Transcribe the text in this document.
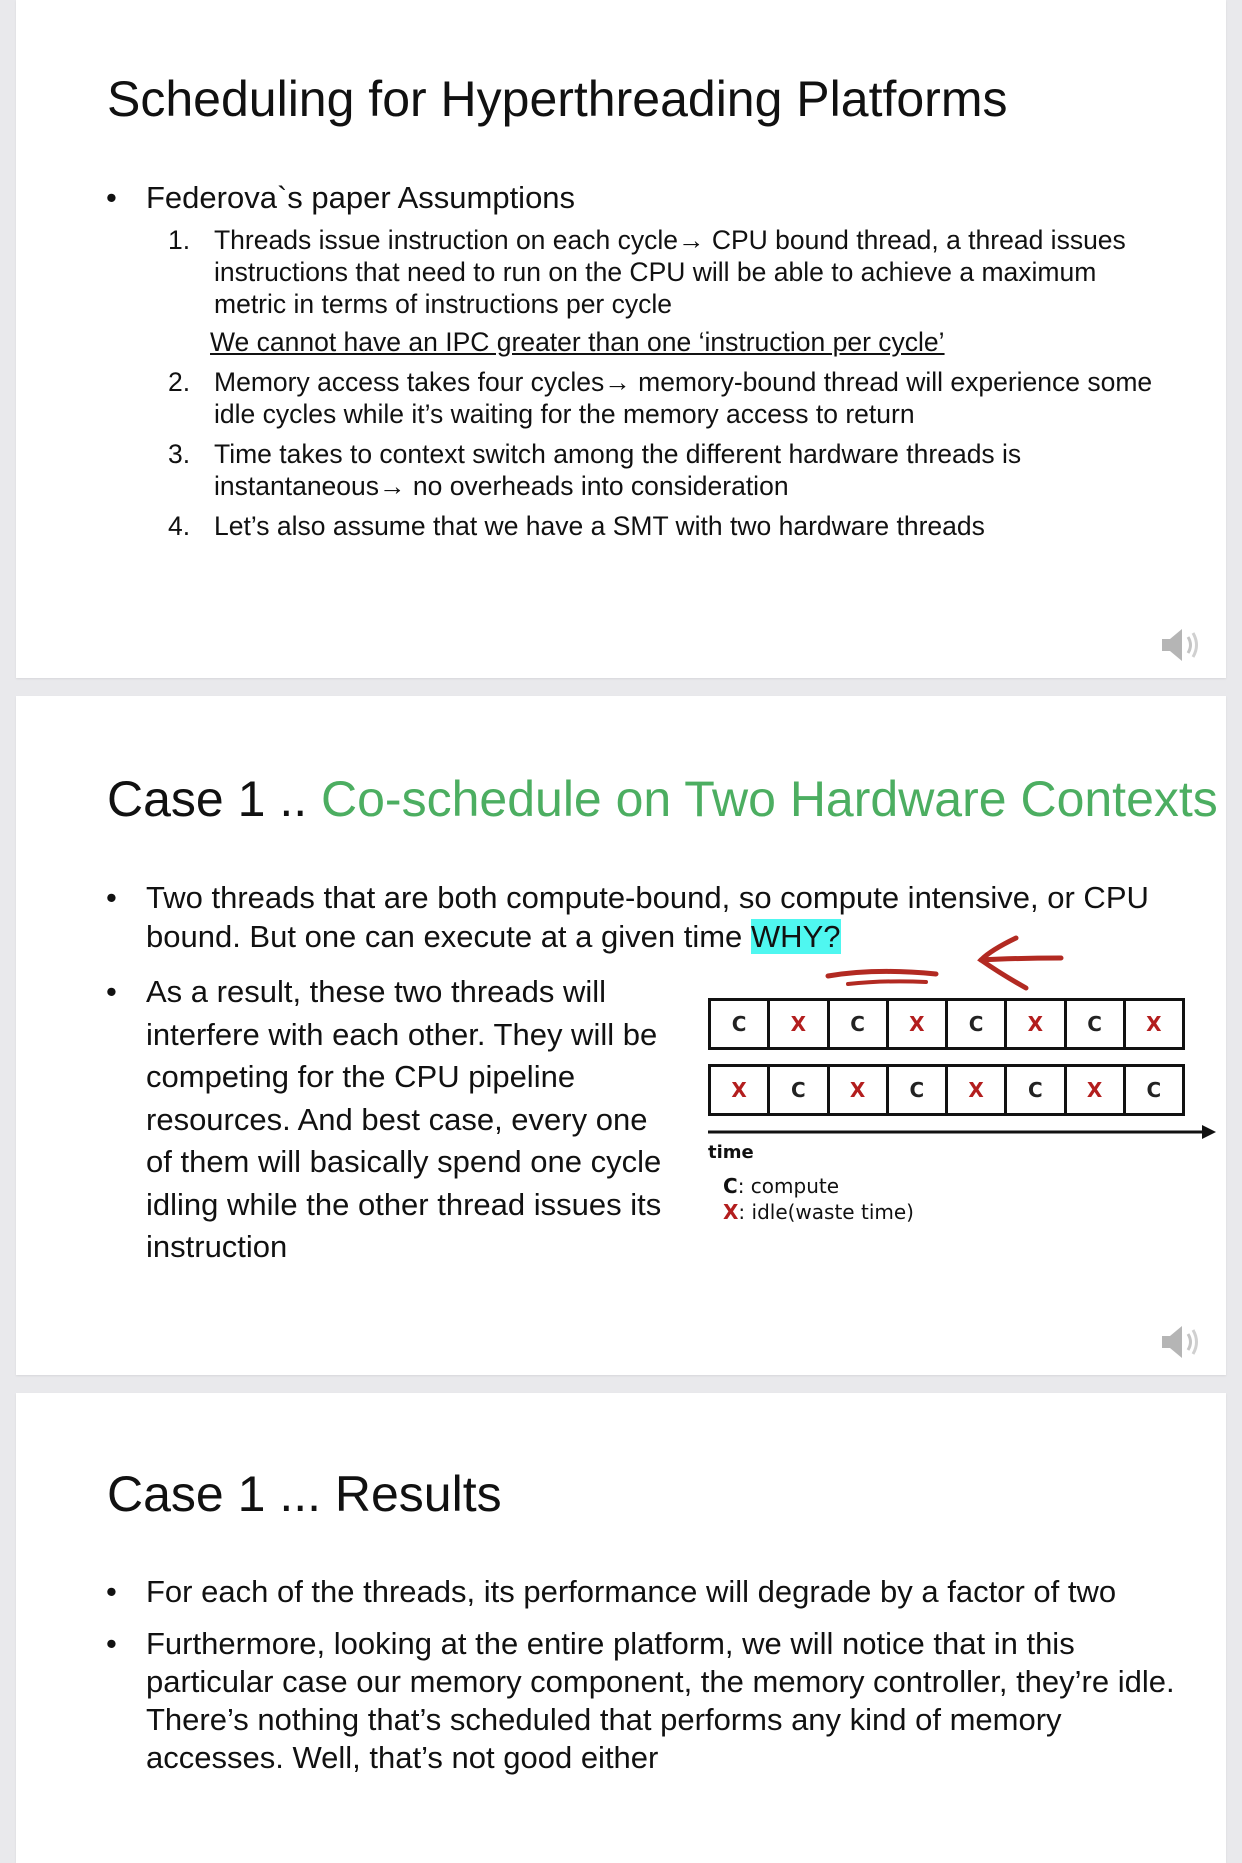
Scheduling for Hyperthreading Platforms
• Federova`s paper Assumptions
1. Threads issue instruction on each cycle→ CPU bound thread, a thread issues instructions that need to run on the CPU will be able to achieve a maximum metric in terms of instructions per cycle
We cannot have an IPC greater than one ‘instruction per cycle’
2. Memory access takes four cycles→ memory-bound thread will experience some idle cycles while it’s waiting for the memory access to return
3. Time takes to context switch among the different hardware threads is instantaneous→ no overheads into consideration
4. Let’s also assume that we have a SMT with two hardware threads
Case 1 .. Co-schedule on Two Hardware Contexts
• Two threads that are both compute-bound, so compute intensive, or CPU bound. But one can execute at a given time WHY?
• As a result, these two threads will interfere with each other. They will be competing for the CPU pipeline resources. And best case, every one of them will basically spend one cycle idling while the other thread issues its instruction
C	X	C	X	C	X	C	X
X	C	X	C	X	C	X	C
time
C: compute
X: idle(waste time)
Case 1 ... Results
• For each of the threads, its performance will degrade by a factor of two
• Furthermore, looking at the entire platform, we will notice that in this particular case our memory component, the memory controller, they’re idle. There’s nothing that’s scheduled that performs any kind of memory accesses. Well, that’s not good either
